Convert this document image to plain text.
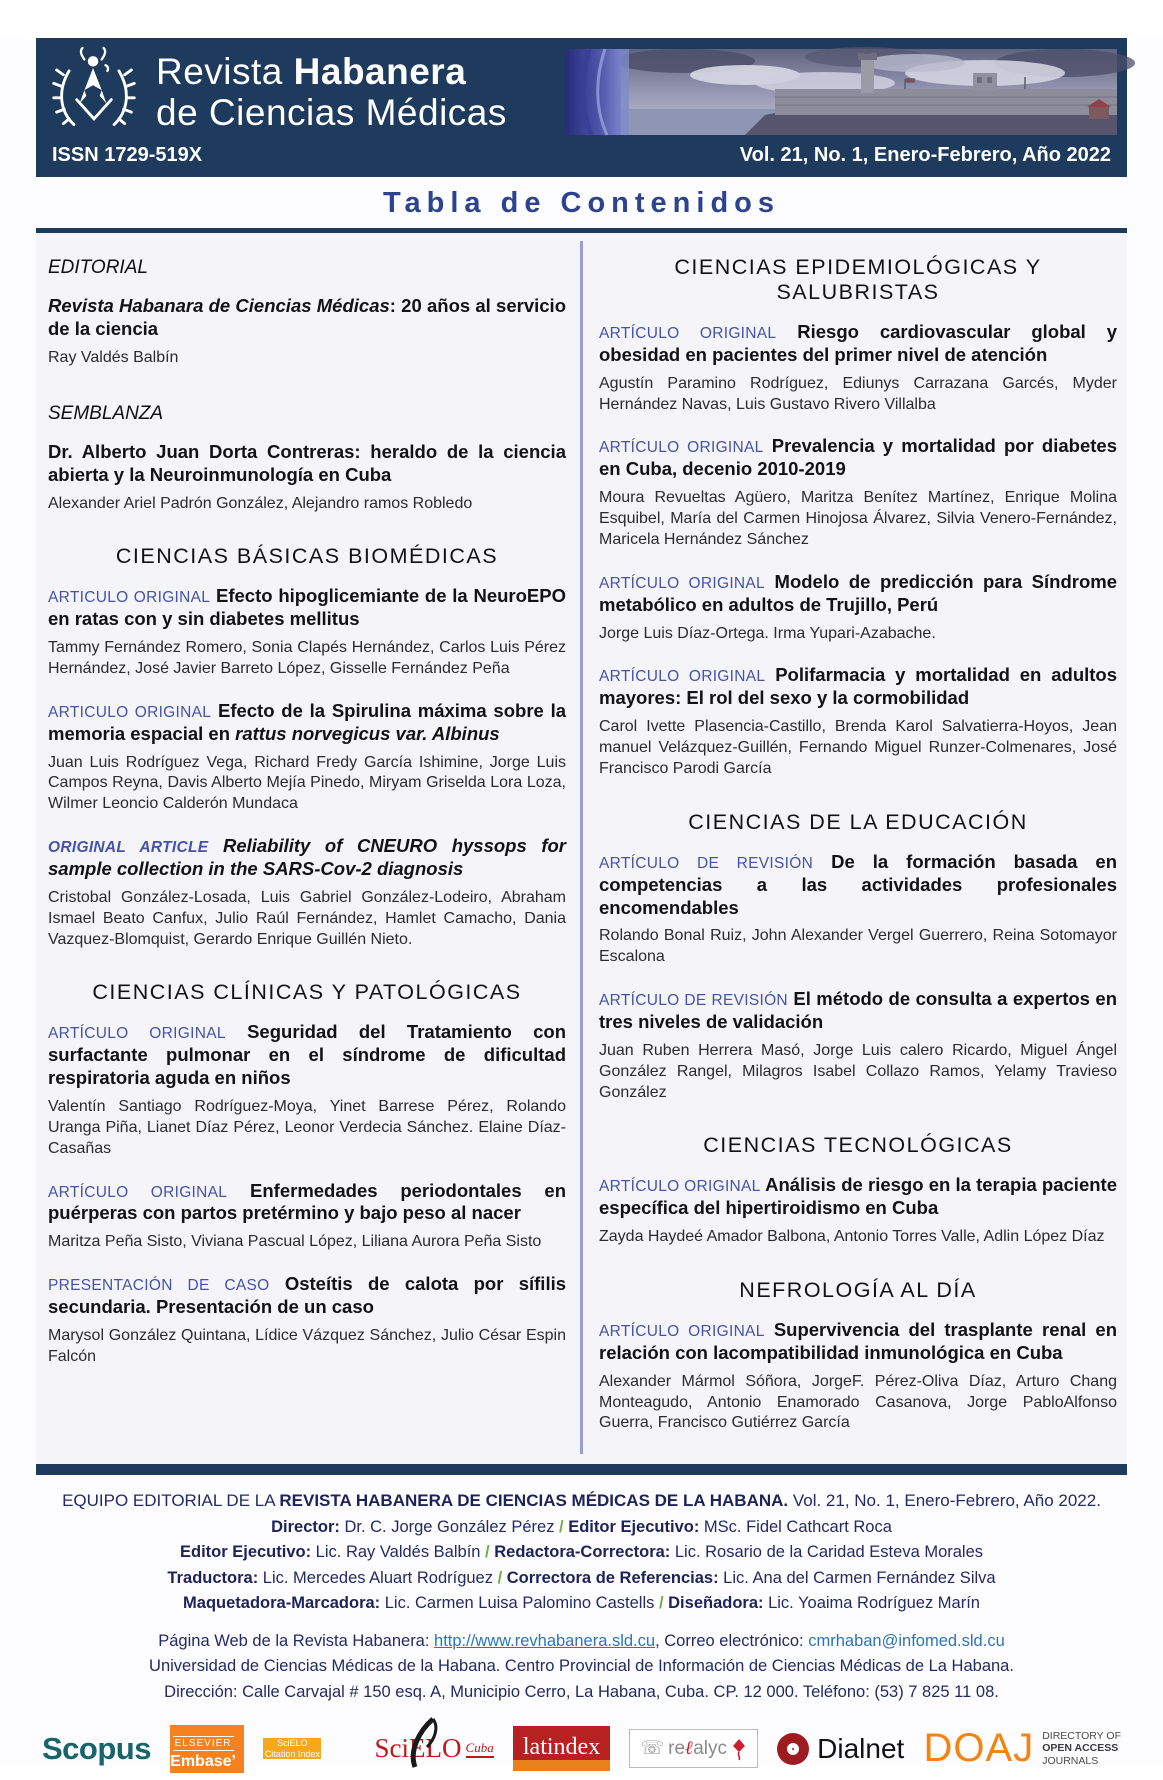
Revista Habanera
de Ciencias Médicas
ISSN 1729-519X	Vol. 21, No. 1, Enero-Febrero, Año 2022
Tabla de Contenidos
EDITORIAL

Revista Habanara de Ciencias Médicas: 20 años al servicio de la ciencia

Ray Valdés Balbín

SEMBLANZA

Dr. Alberto Juan Dorta Contreras: heraldo de la ciencia abierta y la Neuroinmunología en Cuba

Alexander Ariel Padrón González, Alejandro ramos Robledo

CIENCIAS BÁSICAS BIOMÉDICAS

ARTICULO ORIGINAL Efecto hipoglicemiante de la NeuroEPO en ratas con y sin diabetes mellitus

Tammy Fernández Romero, Sonia Clapés Hernández, Carlos Luis Pérez Hernández, José Javier Barreto López, Gisselle Fernández Peña

ARTICULO ORIGINAL Efecto de la Spirulina máxima sobre la memoria espacial en rattus norvegicus var. Albinus

Juan Luis Rodríguez Vega, Richard Fredy García Ishimine, Jorge Luis Campos Reyna, Davis Alberto Mejía Pinedo, Miryam Griselda Lora Loza, Wilmer Leoncio Calderón Mundaca

ORIGINAL ARTICLE Reliability of CNEURO hyssops for sample collection in the SARS-Cov-2 diagnosis

Cristobal González-Losada, Luis Gabriel González-Lodeiro, Abraham Ismael Beato Canfux, Julio Raúl Fernández, Hamlet Camacho, Dania Vazquez-Blomquist, Gerardo Enrique Guillén Nieto.

CIENCIAS CLÍNICAS Y PATOLÓGICAS

ARTÍCULO ORIGINAL Seguridad del Tratamiento con surfactante pulmonar en el síndrome de dificultad respiratoria aguda en niños

Valentín Santiago Rodríguez-Moya, Yinet Barrese Pérez, Rolando Uranga Piña, Lianet Díaz Pérez, Leonor Verdecia Sánchez. Elaine Díaz-Casañas

ARTÍCULO ORIGINAL Enfermedades periodontales en puérperas con partos pretérmino y bajo peso al nacer

Maritza Peña Sisto, Viviana Pascual López, Liliana Aurora Peña Sisto

PRESENTACIÓN DE CASO Osteítis de calota por sífilis secundaria. Presentación de un caso

Marysol González Quintana, Lídice Vázquez Sánchez, Julio César Espin Falcón

CIENCIAS EPIDEMIOLÓGICAS Y SALUBRISTAS

ARTÍCULO ORIGINAL Riesgo cardiovascular global y obesidad en pacientes del primer nivel de atención

Agustín Paramino Rodríguez, Ediunys Carrazana Garcés, Myder Hernández Navas, Luis Gustavo Rivero Villalba

ARTÍCULO ORIGINAL Prevalencia y mortalidad por diabetes en Cuba, decenio 2010-2019

Moura Revueltas Agüero, Maritza Benítez Martínez, Enrique Molina Esquibel, María del Carmen Hinojosa Álvarez, Silvia Venero-Fernández, Maricela Hernández Sánchez

ARTÍCULO ORIGINAL Modelo de predicción para Síndrome metabólico en adultos de Trujillo, Perú

Jorge Luis Díaz-Ortega. Irma Yupari-Azabache.

ARTÍCULO ORIGINAL Polifarmacia y mortalidad en adultos mayores: El rol del sexo y la cormobilidad

Carol Ivette Plasencia-Castillo, Brenda Karol Salvatierra-Hoyos, Jean manuel Velázquez-Guillén, Fernando Miguel Runzer-Colmenares, José Francisco Parodi García

CIENCIAS DE LA EDUCACIÓN

ARTÍCULO DE REVISIÓN De la formación basada en competencias a las actividades profesionales encomendables

Rolando Bonal Ruiz, John Alexander Vergel Guerrero, Reina Sotomayor Escalona

ARTÍCULO DE REVISIÓN El método de consulta a expertos en tres niveles de validación

Juan Ruben Herrera Masó, Jorge Luis calero Ricardo, Miguel Ángel González Rangel, Milagros Isabel Collazo Ramos, Yelamy Travieso González

CIENCIAS TECNOLÓGICAS

ARTÍCULO ORIGINAL Análisis de riesgo en la terapia paciente específica del hipertiroidismo en Cuba

Zayda Haydeé Amador Balbona, Antonio Torres Valle, Adlin López Díaz

NEFROLOGÍA AL DÍA

ARTÍCULO ORIGINAL Supervivencia del trasplante renal en relación con lacompatibilidad inmunológica en Cuba

Alexander Mármol Sóñora, JorgeF. Pérez-Oliva Díaz, Arturo Chang Monteagudo, Antonio Enamorado Casanova, Jorge PabloAlfonso Guerra, Francisco Gutiérrez García

EQUIPO EDITORIAL DE LA REVISTA HABANERA DE CIENCIAS MÉDICAS DE LA HABANA. Vol. 21, No. 1, Enero-Febrero, Año 2022.
Director: Dr. C. Jorge González Pérez / Editor Ejecutivo: MSc. Fidel Cathcart Roca
Editor Ejecutivo: Lic. Ray Valdés Balbín / Redactora-Correctora: Lic. Rosario de la Caridad Esteva Morales
Traductora: Lic. Mercedes Aluart Rodríguez / Correctora de Referencias: Lic. Ana del Carmen Fernández Silva
Maquetadora-Marcadora: Lic. Carmen Luisa Palomino Castells / Diseñadora: Lic. Yoaima Rodríguez Marín
Página Web de la Revista Habanera: http://www.revhabanera.sld.cu, Correo electrónico: cmrhaban@infomed.sld.cu
Universidad de Ciencias Médicas de la Habana. Centro Provincial de Información de Ciencias Médicas de La Habana.
Dirección: Calle Carvajal # 150 esq. A, Municipio Cerro, La Habana, Cuba. CP. 12 000. Teléfono: (53) 7 825 11 08.
Scopus	ELSEVIER
Embase’
SciELO Citation Index SciELO Cuba	latindex	☏ reℓalyc	Dialnet DOAJ DIRECTORY OF
OPEN ACCESS
JOURNALS
